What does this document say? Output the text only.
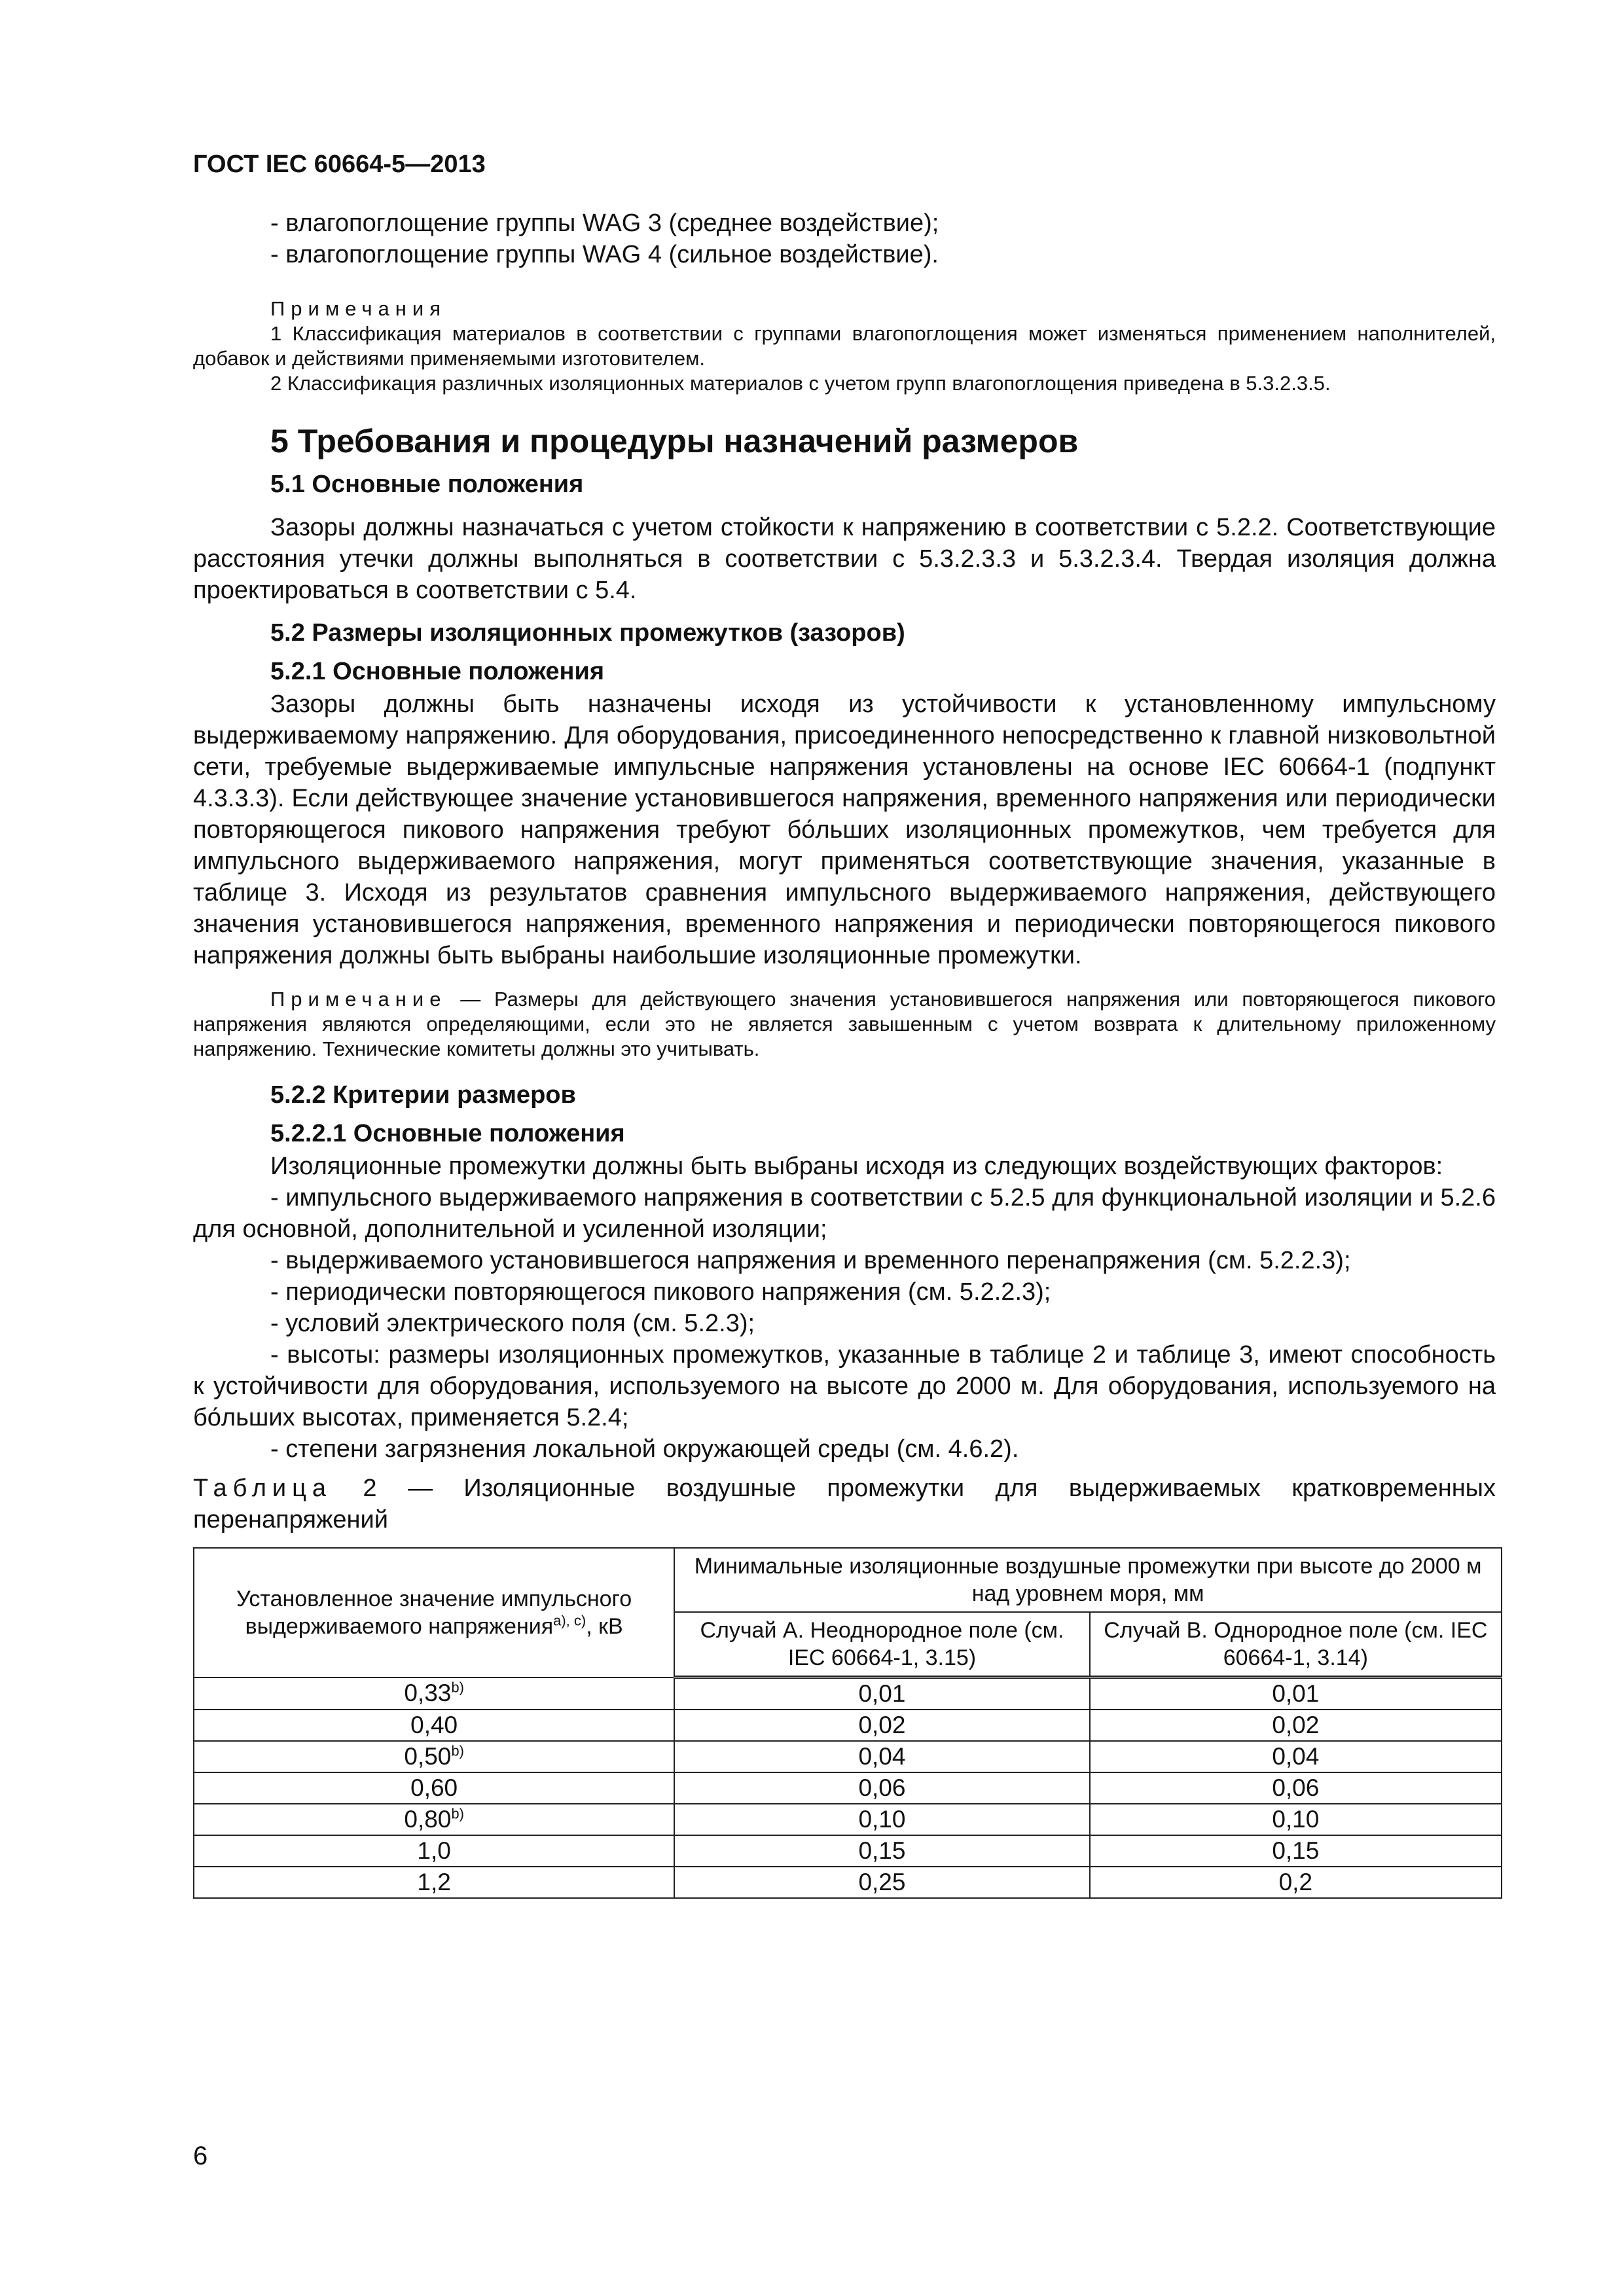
ГОСТ IEC 60664-5—2013

- влагопоглощение группы WAG 3 (среднее воздействие);

- влагопоглощение группы WAG 4 (сильное воздействие).

Примечания

1 Классификация материалов в соответствии с группами влагопоглощения может изменяться применением наполнителей, добавок и действиями применяемыми изготовителем.

2 Классификация различных изоляционных материалов с учетом групп влагопоглощения приведена в 5.3.2.3.5.

5 Требования и процедуры назначений размеров

5.1 Основные положения

Зазоры должны назначаться с учетом стойкости к напряжению в соответствии с 5.2.2. Соответствующие расстояния утечки должны выполняться в соответствии с 5.3.2.3.3 и 5.3.2.3.4. Твердая изоляция должна проектироваться в соответствии с 5.4.

5.2 Размеры изоляционных промежутков (зазоров)

5.2.1 Основные положения

Зазоры должны быть назначены исходя из устойчивости к установленному импульсному выдерживаемому напряжению. Для оборудования, присоединенного непосредственно к главной низковольтной сети, требуемые выдерживаемые импульсные напряжения установлены на основе IEC 60664-1 (подпункт 4.3.3.3). Если действующее значение установившегося напряжения, временного напряжения или периодически повторяющегося пикового напряжения требуют бо́льших изоляционных промежутков, чем требуется для импульсного выдерживаемого напряжения, могут применяться соответствующие значения, указанные в таблице 3. Исходя из результатов сравнения импульсного выдерживаемого напряжения, действующего значения установившегося напряжения, временного напряжения и периодически повторяющегося пикового напряжения должны быть выбраны наибольшие изоляционные промежутки.

Примечание — Размеры для действующего значения установившегося напряжения или повторяющегося пикового напряжения являются определяющими, если это не является завышенным с учетом возврата к длительному приложенному напряжению. Технические комитеты должны это учитывать.

5.2.2 Критерии размеров

5.2.2.1 Основные положения

Изоляционные промежутки должны быть выбраны исходя из следующих воздействующих факторов:

- импульсного выдерживаемого напряжения в соответствии с 5.2.5 для функциональной изоляции и 5.2.6 для основной, дополнительной и усиленной изоляции;

- выдерживаемого установившегося напряжения и временного перенапряжения (см. 5.2.2.3);

- периодически повторяющегося пикового напряжения (см. 5.2.2.3);

- условий электрического поля (см. 5.2.3);

- высоты: размеры изоляционных промежутков, указанные в таблице 2 и таблице 3, имеют способность к устойчивости для оборудования, используемого на высоте до 2000 м. Для оборудования, используемого на бо́льших высотах, применяется 5.2.4;

- степени загрязнения локальной окружающей среды (см. 4.6.2).

Таблица 2 — Изоляционные воздушные промежутки для выдерживаемых кратковременных перенапряжений

Установленное значение импульсного выдерживаемого напряжения$^{a), c)}$, кВ	Минимальные изоляционные воздушные промежутки при высоте до 2000 м над уровнем моря, мм	
	Случай А. Неоднородное поле (см. IEC 60664-1, 3.15)	Случай В. Однородное поле (см. IEC 60664-1, 3.14)
0,33$^{b)}$	0,01	0,01
0,40	0,02	0,02
0,50$^{b)}$	0,04	0,04
0,60	0,06	0,06
0,80$^{b)}$	0,10	0,10
1,0	0,15	0,15
1,2	0,25	0,2
6
